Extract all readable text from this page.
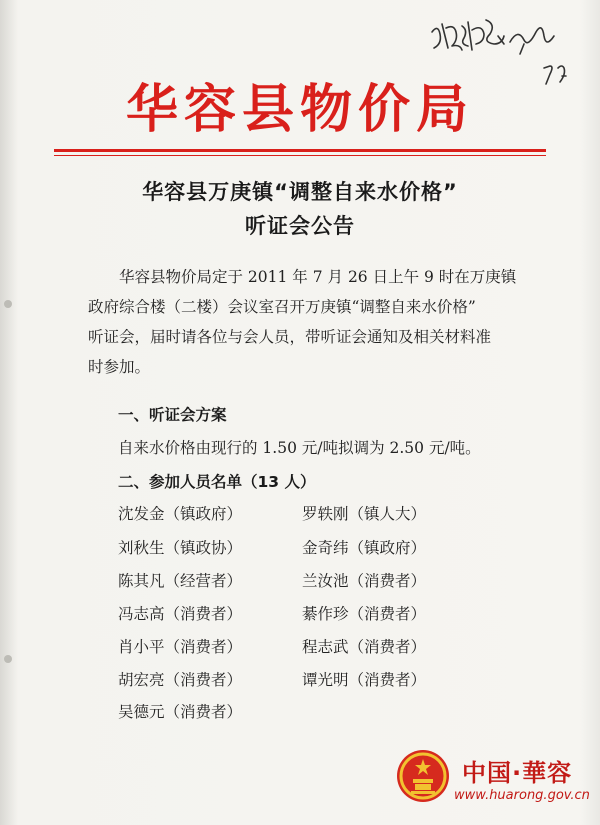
华容县物价局
华容县万庚镇“调整自来水价格”
听证会公告
华容县物价局定于 2011 年 7 月 26 日上午 9 时在万庚镇
政府综合楼（二楼）会议室召开万庚镇“调整自来水价格”
听证会，届时请各位与会人员，带听证会通知及相关材料准
时参加。
一、听证会方案
自来水价格由现行的 1.50 元/吨拟调为 2.50 元/吨。
二、参加人员名单（13 人）
沈发金（镇政府）	罗轶刚（镇人大）
刘秋生（镇政协）	金奇纬（镇政府）
陈其凡（经营者）	兰汝池（消费者）
冯志高（消费者）	綦作珍（消费者）
肖小平（消费者）	程志武（消费者）
胡宏亮（消费者）	谭光明（消费者）
吴德元（消费者）
中国·華容
www.huarong.gov.cn
